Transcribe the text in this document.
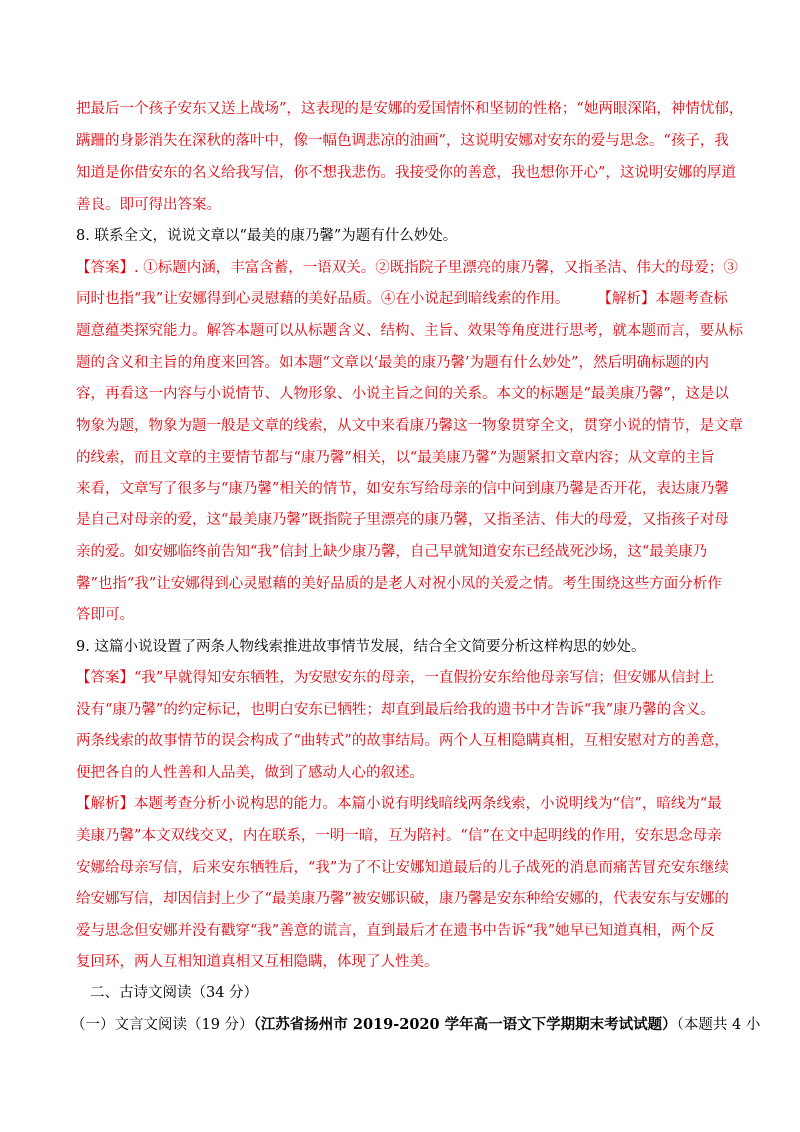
把最后一个孩子安东又送上战场”，这表现的是安娜的爱国情怀和坚韧的性格；“她两眼深陷，神情忧郁，
蹒跚的身影消失在深秋的落叶中，像一幅色调悲凉的油画”，这说明安娜对安东的爱与思念。“孩子，我
知道是你借安东的名义给我写信，你不想我悲伤。我接受你的善意，我也想你开心”，这说明安娜的厚道
善良。即可得出答案。
8. 联系全文，说说文章以“最美的康乃馨”为题有什么妙处。
【答案】. ①标题内涵，丰富含蓄，一语双关。②既指院子里漂亮的康乃馨，又指圣洁、伟大的母爱；③
同时也指“我”让安娜得到心灵慰藉的美好品质。④在小说起到暗线索的作用。 【解析】本题考查标
题意蕴类探究能力。解答本题可以从标题含义、结构、主旨、效果等角度进行思考，就本题而言，要从标
题的含义和主旨的角度来回答。如本题“文章以‘最美的康乃馨’为题有什么妙处”，然后明确标题的内
容，再看这一内容与小说情节、人物形象、小说主旨之间的关系。本文的标题是“最美康乃馨”，这是以
物象为题，物象为题一般是文章的线索，从文中来看康乃馨这一物象贯穿全文，贯穿小说的情节，是文章
的线索，而且文章的主要情节都与“康乃馨”相关，以“最美康乃馨”为题紧扣文章内容；从文章的主旨
来看，文章写了很多与“康乃馨”相关的情节，如安东写给母亲的信中问到康乃馨是否开花，表达康乃馨
是自己对母亲的爱，这“最美康乃馨”既指院子里漂亮的康乃馨，又指圣洁、伟大的母爱，又指孩子对母
亲的爱。如安娜临终前告知“我”信封上缺少康乃馨，自己早就知道安东已经战死沙场，这“最美康乃
馨”也指“我”让安娜得到心灵慰藉的美好品质的是老人对祝小凤的关爱之情。考生围绕这些方面分析作
答即可。
9. 这篇小说设置了两条人物线索推进故事情节发展，结合全文简要分析这样构思的妙处。
【答案】“我”早就得知安东牺牲，为安慰安东的母亲，一直假扮安东给他母亲写信；但安娜从信封上
没有“康乃馨”的约定标记，也明白安东已牺牲；却直到最后给我的遗书中才告诉“我”康乃馨的含义。
两条线索的故事情节的误会构成了“曲转式”的故事结局。两个人互相隐瞒真相，互相安慰对方的善意，
便把各自的人性善和人品美，做到了感动人心的叙述。
【解析】本题考查分析小说构思的能力。本篇小说有明线暗线两条线索，小说明线为“信”，暗线为“最
美康乃馨”本文双线交叉，内在联系，一明一暗，互为陪衬。“信”在文中起明线的作用，安东思念母亲
安娜给母亲写信，后来安东牺牲后，“我”为了不让安娜知道最后的儿子战死的消息而痛苦冒充安东继续
给安娜写信，却因信封上少了“最美康乃馨”被安娜识破，康乃馨是安东种给安娜的，代表安东与安娜的
爱与思念但安娜并没有戳穿“我”善意的谎言，直到最后才在遗书中告诉“我”她早已知道真相，两个反
复回环，两人互相知道真相又互相隐瞒，体现了人性美。
二、古诗文阅读（34 分）
（一）文言文阅读（19 分）（江苏省扬州市 2019-2020 学年高一语文下学期期末考试试题）（本题共 4 小
